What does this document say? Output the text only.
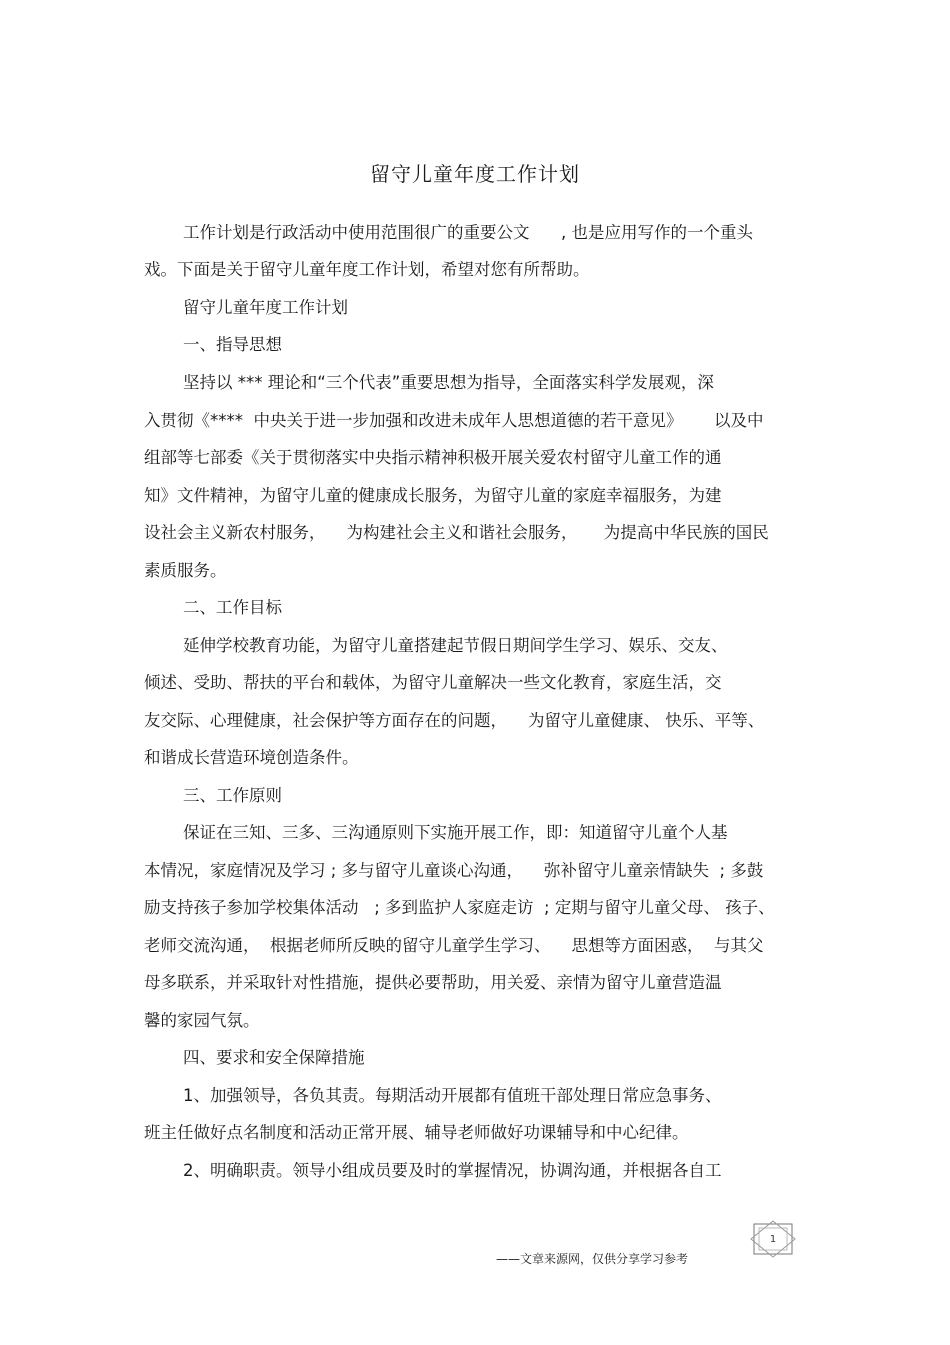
留守儿童年度工作计划
工作计划是行政活动中使用范围很广的重要公文      , 也是应用写作的一个重头
戏。下面是关于留守儿童年度工作计划，希望对您有所帮助。
留守儿童年度工作计划
一、指导思想
坚持以 *** 理论和“三个代表”重要思想为指导，全面落实科学发展观，深
入贯彻《****  中央关于进一步加强和改进未成年人思想道德的若干意见》      以及中
组部等七部委《关于贯彻落实中央指示精神积极开展关爱农村留守儿童工作的通
知》文件精神，为留守儿童的健康成长服务，为留守儿童的家庭幸福服务，为建
设社会主义新农村服务，    为构建社会主义和谐社会服务，     为提高中华民族的国民
素质服务。
二、工作目标
延伸学校教育功能，为留守儿童搭建起节假日期间学生学习、娱乐、交友、
倾述、受助、帮扶的平台和载体，为留守儿童解决一些文化教育，家庭生活，交
友交际、心理健康，社会保护等方面存在的问题，    为留守儿童健康、 快乐、平等、
和谐成长营造环境创造条件。
三、工作原则
保证在三知、三多、三沟通原则下实施开展工作，即：知道留守儿童个人基
本情况，家庭情况及学习 ; 多与留守儿童谈心沟通，    弥补留守儿童亲情缺失  ; 多鼓
励支持孩子参加学校集体活动   ; 多到监护人家庭走访  ; 定期与留守儿童父母、 孩子、
老师交流沟通，  根据老师所反映的留守儿童学生学习、    思想等方面困惑，  与其父
母多联系，并采取针对性措施，提供必要帮助，用关爱、亲情为留守儿童营造温
馨的家园气氛。
四、要求和安全保障措施
1、加强领导，各负其责。每期活动开展都有值班干部处理日常应急事务、
班主任做好点名制度和活动正常开展、辅导老师做好功课辅导和中心纪律。
2、明确职责。领导小组成员要及时的掌握情况，协调沟通，并根据各自工
1
——文章来源网，仅供分享学习参考
